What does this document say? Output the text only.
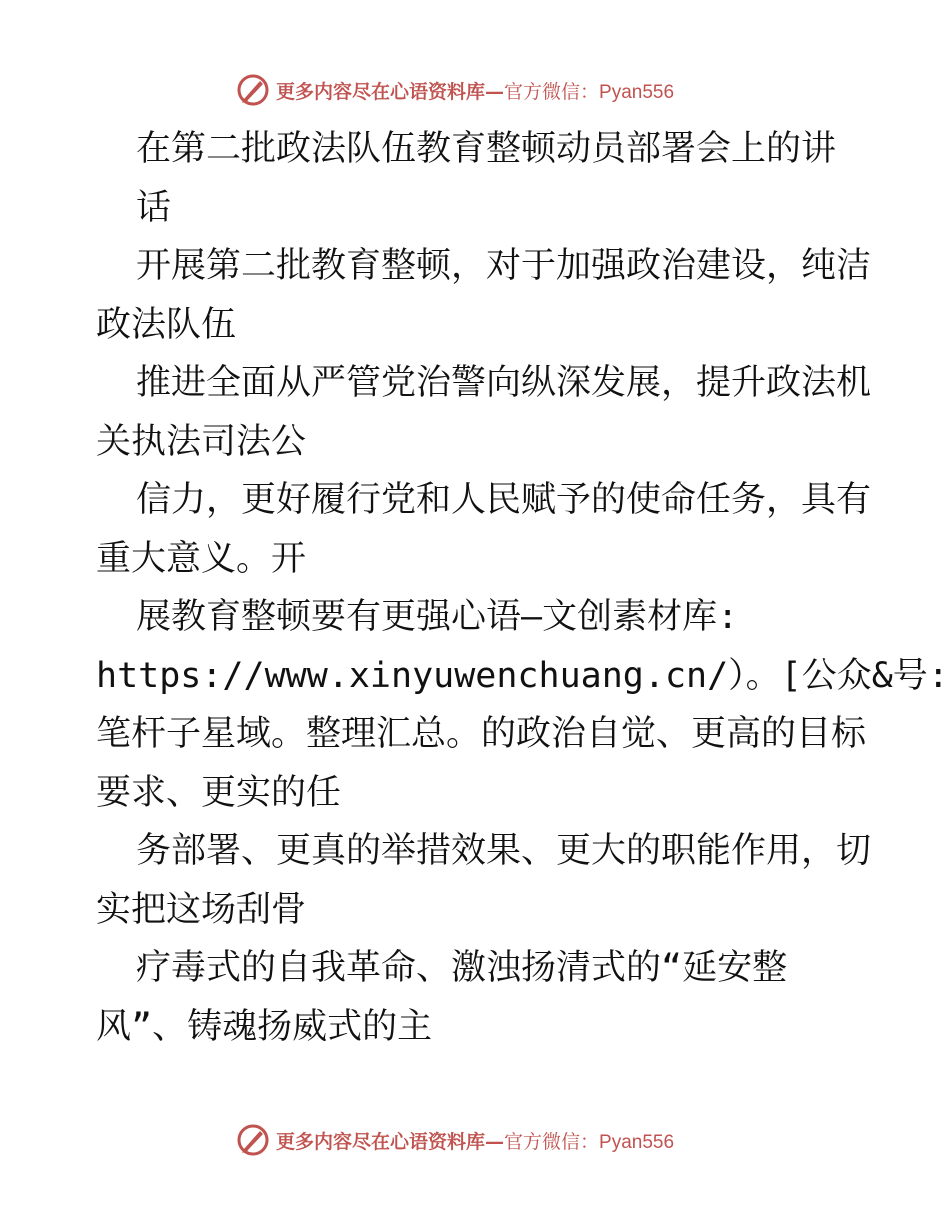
更多内容尽在心语资料库—官方微信：Pyan556
在第二批政法队伍教育整顿动员部署会上的讲
话
开展第二批教育整顿，对于加强政治建设，纯洁
政法队伍
推进全面从严管党治警向纵深发展，提升政法机
关执法司法公
信力，更好履行党和人民赋予的使命任务，具有
重大意义。开
展教育整顿要有更强心语—文创素材库:
https://www.xinyuwenchuang.cn/）。[公众&号:
笔杆子星域。整理汇总。的政治自觉、更高的目标
要求、更实的任
务部署、更真的举措效果、更大的职能作用，切
实把这场刮骨
疗毒式的自我革命、激浊扬清式的“延安整
风”、铸魂扬威式的主
更多内容尽在心语资料库—官方微信：Pyan556
